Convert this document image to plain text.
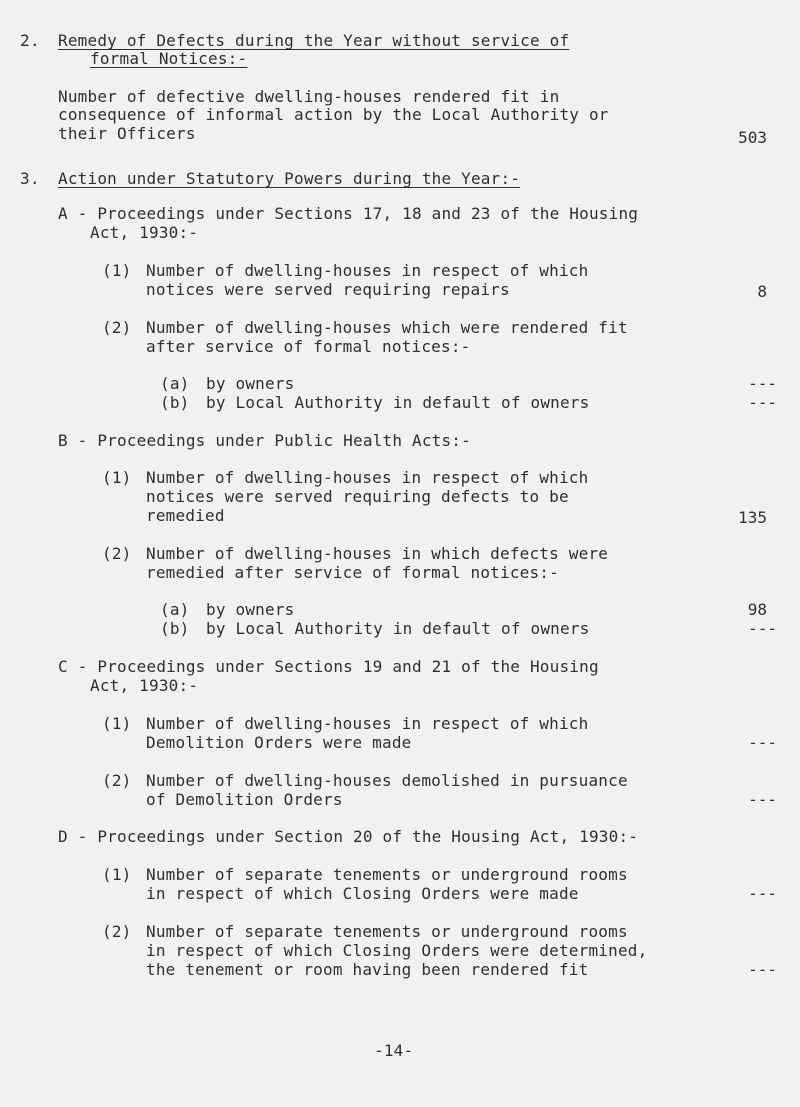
2. Remedy of Defects during the Year without service of
formal Notices:-
Number of defective dwelling-houses rendered fit in
consequence of informal action by the Local Authority or
their Officers	503
3. Action under Statutory Powers during the Year:-
A - Proceedings under Sections 17, 18 and 23 of the Housing
Act, 1930:-
(1) Number of dwelling-houses in respect of which
notices were served requiring repairs	8
(2) Number of dwelling-houses which were rendered fit
after service of formal notices:-
(a) by owners	---
(b) by Local Authority in default of owners	---
B - Proceedings under Public Health Acts:-
(1) Number of dwelling-houses in respect of which
notices were served requiring defects to be
remedied	135
(2) Number of dwelling-houses in which defects were
remedied after service of formal notices:-
(a) by owners	98
(b) by Local Authority in default of owners	---
C - Proceedings under Sections 19 and 21 of the Housing
Act, 1930:-
(1) Number of dwelling-houses in respect of which
Demolition Orders were made	---
(2) Number of dwelling-houses demolished in pursuance
of Demolition Orders	---
D - Proceedings under Section 20 of the Housing Act, 1930:-
(1) Number of separate tenements or underground rooms
in respect of which Closing Orders were made	---
(2) Number of separate tenements or underground rooms
in respect of which Closing Orders were determined,
the tenement or room having been rendered fit	---
-14-
